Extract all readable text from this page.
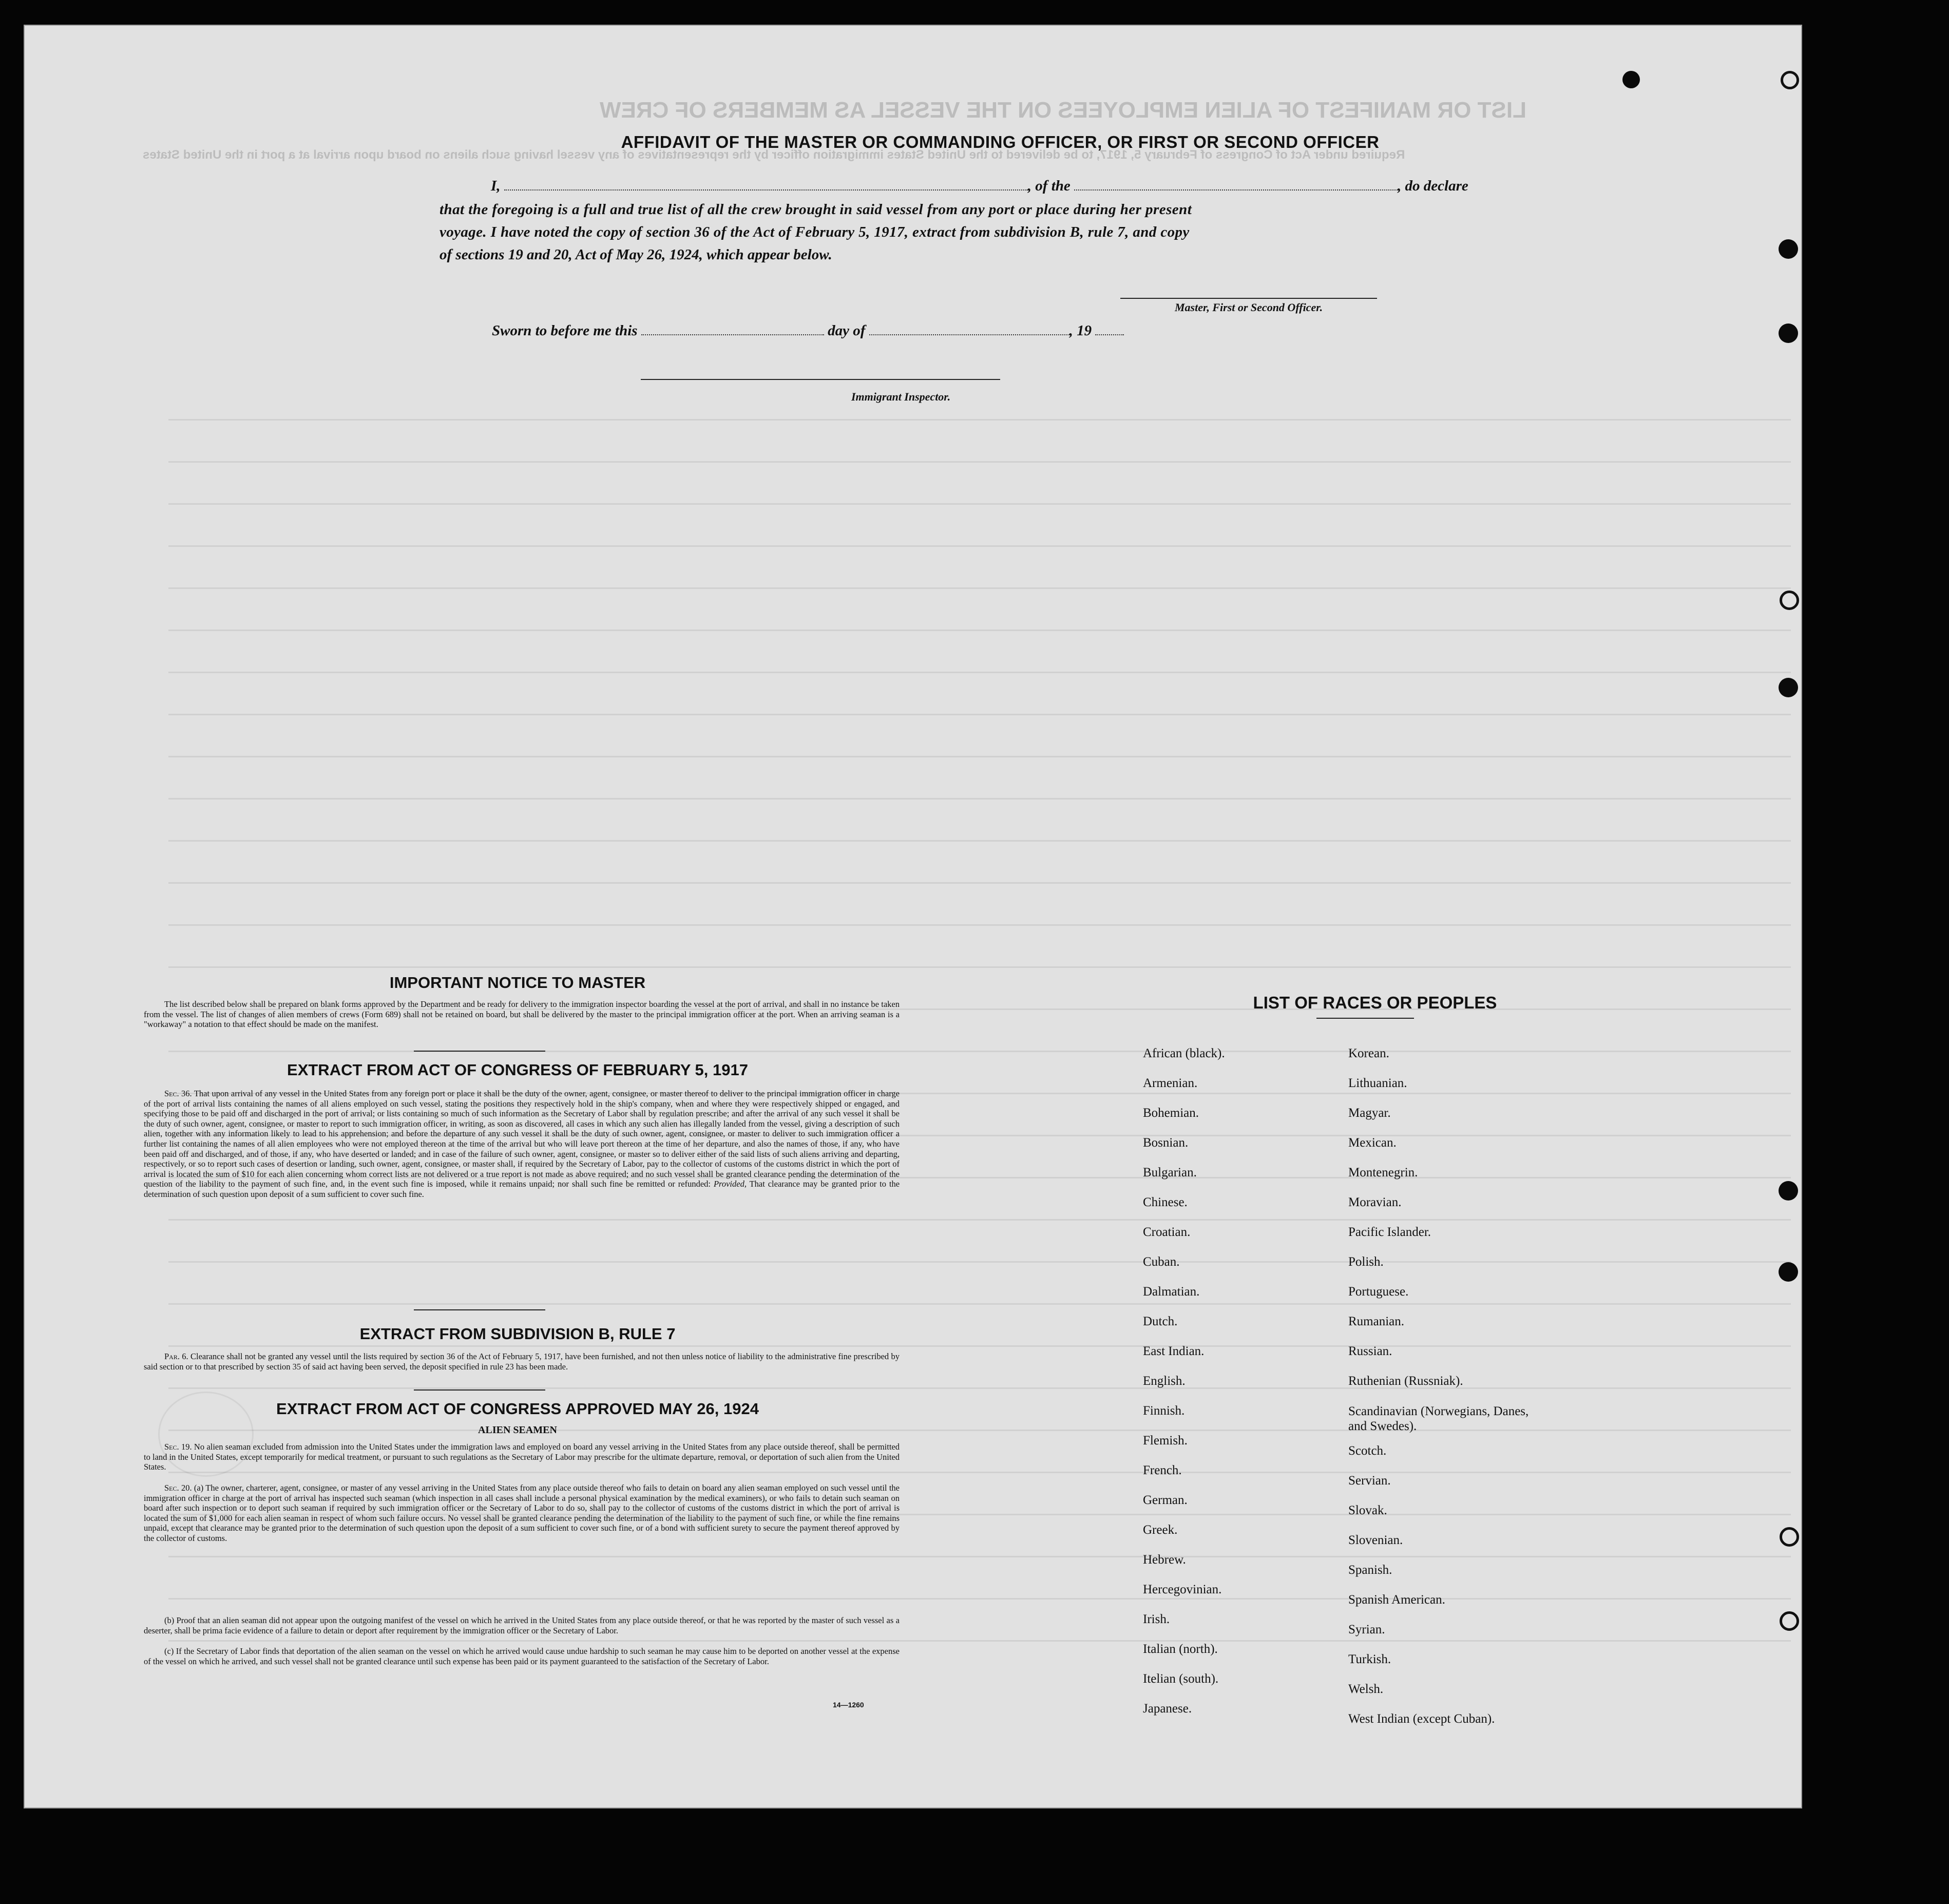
LIST OR MANIFEST OF ALIEN EMPLOYEES ON THE VESSEL AS MEMBERS OF CREW
Required under Act of Congress of February 5, 1917, to be delivered to the United States immigration officer by the representatives of any vessel having such aliens on board upon arrival at a port in the United States
AFFIDAVIT OF THE MASTER OR COMMANDING OFFICER, OR FIRST OR SECOND OFFICER
I,	, of the	, do declare
that the foregoing is a full and true list of all the crew brought in said vessel from any port or place during her present
voyage. I have noted the copy of section 36 of the Act of February 5, 1917, extract from subdivision B, rule 7, and copy
of sections 19 and 20, Act of May 26, 1924, which appear below.
Master, First or Second Officer.
Sworn to before me this	day of	, 19
Immigrant Inspector.
IMPORTANT NOTICE TO MASTER
The list described below shall be prepared on blank forms approved by the Department and be ready for delivery to the immigration inspector boarding the vessel at the port of arrival, and shall in no instance be taken from the vessel. The list of changes of alien members of crews (Form 689) shall not be retained on board, but shall be delivered by the master to the principal immigration officer at the port. When an arriving seaman is a "workaway" a notation to that effect should be made on the manifest.
EXTRACT FROM ACT OF CONGRESS OF FEBRUARY 5, 1917
Sec. 36. That upon arrival of any vessel in the United States from any foreign port or place it shall be the duty of the owner, agent, consignee, or master thereof to deliver to the principal immigration officer in charge of the port of arrival lists containing the names of all aliens employed on such vessel, stating the positions they respectively hold in the ship's company, when and where they were respectively shipped or engaged, and specifying those to be paid off and discharged in the port of arrival; or lists containing so much of such information as the Secretary of Labor shall by regulation prescribe; and after the arrival of any such vessel it shall be the duty of such owner, agent, consignee, or master to report to such immigration officer, in writing, as soon as discovered, all cases in which any such alien has illegally landed from the vessel, giving a description of such alien, together with any information likely to lead to his apprehension; and before the departure of any such vessel it shall be the duty of such owner, agent, consignee, or master to deliver to such immigration officer a further list containing the names of all alien employees who were not employed thereon at the time of the arrival but who will leave port thereon at the time of her departure, and also the names of those, if any, who have been paid off and discharged, and of those, if any, who have deserted or landed; and in case of the failure of such owner, agent, consignee, or master so to deliver either of the said lists of such aliens arriving and departing, respectively, or so to report such cases of desertion or landing, such owner, agent, consignee, or master shall, if required by the Secretary of Labor, pay to the collector of customs of the customs district in which the port of arrival is located the sum of $10 for each alien concerning whom correct lists are not delivered or a true report is not made as above required; and no such vessel shall be granted clearance pending the determination of the question of the liability to the payment of such fine, and, in the event such fine is imposed, while it remains unpaid; nor shall such fine be remitted or refunded: Provided, That clearance may be granted prior to the determination of such question upon deposit of a sum sufficient to cover such fine.
EXTRACT FROM SUBDIVISION B, RULE 7
Par. 6. Clearance shall not be granted any vessel until the lists required by section 36 of the Act of February 5, 1917, have been furnished, and not then unless notice of liability to the administrative fine prescribed by said section or to that prescribed by section 35 of said act having been served, the deposit specified in rule 23 has been made.
EXTRACT FROM ACT OF CONGRESS APPROVED MAY 26, 1924
ALIEN SEAMEN
Sec. 19. No alien seaman excluded from admission into the United States under the immigration laws and employed on board any vessel arriving in the United States from any place outside thereof, shall be permitted to land in the United States, except temporarily for medical treatment, or pursuant to such regulations as the Secretary of Labor may prescribe for the ultimate departure, removal, or deportation of such alien from the United States.
Sec. 20. (a) The owner, charterer, agent, consignee, or master of any vessel arriving in the United States from any place outside thereof who fails to detain on board any alien seaman employed on such vessel until the immigration officer in charge at the port of arrival has inspected such seaman (which inspection in all cases shall include a personal physical examination by the medical examiners), or who fails to detain such seaman on board after such inspection or to deport such seaman if required by such immigration officer or the Secretary of Labor to do so, shall pay to the collector of customs of the customs district in which the port of arrival is located the sum of $1,000 for each alien seaman in respect of whom such failure occurs. No vessel shall be granted clearance pending the determination of the liability to the payment of such fine, or while the fine remains unpaid, except that clearance may be granted prior to the determination of such question upon the deposit of a sum sufficient to cover such fine, or of a bond with sufficient surety to secure the payment thereof approved by the collector of customs.
(b) Proof that an alien seaman did not appear upon the outgoing manifest of the vessel on which he arrived in the United States from any place outside thereof, or that he was reported by the master of such vessel as a deserter, shall be prima facie evidence of a failure to detain or deport after requirement by the immigration officer or the Secretary of Labor.
(c) If the Secretary of Labor finds that deportation of the alien seaman on the vessel on which he arrived would cause undue hardship to such seaman he may cause him to be deported on another vessel at the expense of the vessel on which he arrived, and such vessel shall not be granted clearance until such expense has been paid or its payment guaranteed to the satisfaction of the Secretary of Labor.
14—1260
LIST OF RACES OR PEOPLES
African (black).
Armenian.
Bohemian.
Bosnian.
Bulgarian.
Chinese.
Croatian.
Cuban.
Dalmatian.
Dutch.
East Indian.
English.
Finnish.
Flemish.
French.
German.
Greek.
Hebrew.
Hercegovinian.
Irish.
Italian (north).
Itelian (south).
Japanese.
Korean.
Lithuanian.
Magyar.
Mexican.
Montenegrin.
Moravian.
Pacific Islander.
Polish.
Portuguese.
Rumanian.
Russian.
Ruthenian (Russniak).
Scandinavian (Norwegians, Danes, and Swedes).
Scotch.
Servian.
Slovak.
Slovenian.
Spanish.
Spanish American.
Syrian.
Turkish.
Welsh.
West Indian (except Cuban).
